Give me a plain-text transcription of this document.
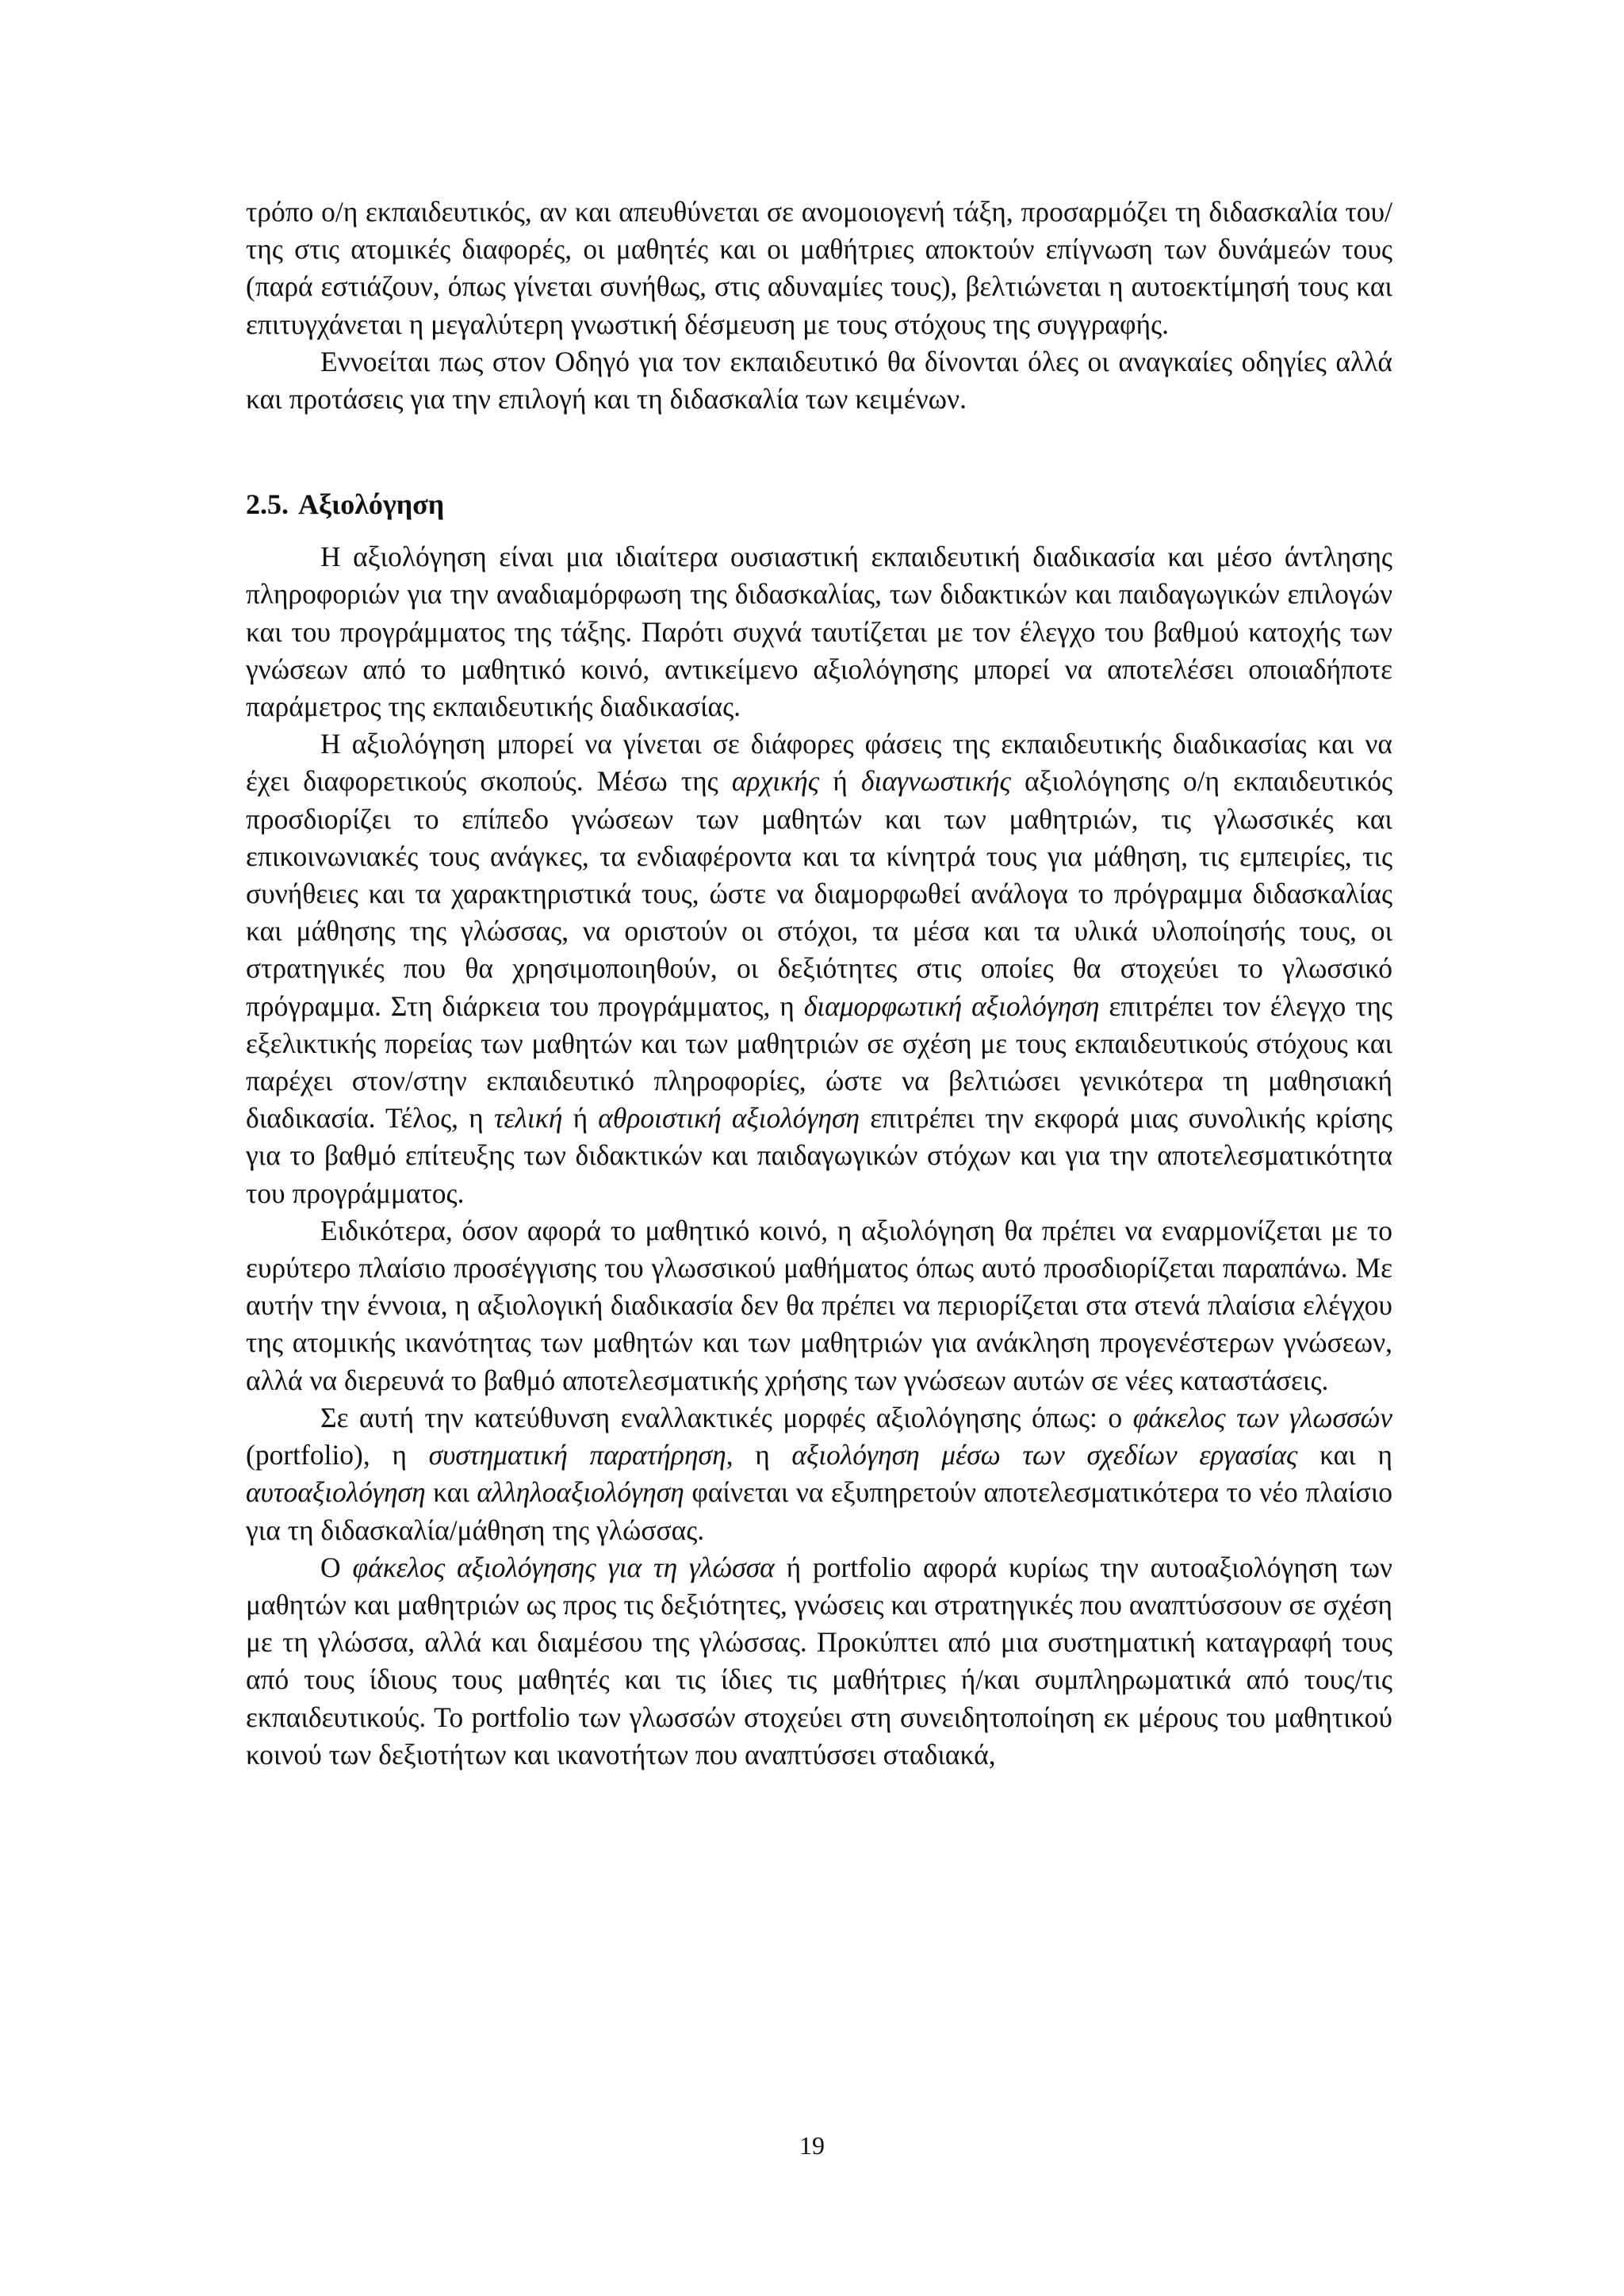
τρόπο ο/η εκπαιδευτικός, αν και απευθύνεται σε ανομοιογενή τάξη, προσαρμόζει τη διδασκαλία του/της στις ατομικές διαφορές, οι μαθητές και οι μαθήτριες αποκτούν επίγνωση των δυνάμεών τους (παρά εστιάζουν, όπως γίνεται συνήθως, στις αδυναμίες τους), βελτιώνεται η αυτοεκτίμησή τους και επιτυγχάνεται η μεγαλύτερη γνωστική δέσμευση με τους στόχους της συγγραφής.

Εννοείται πως στον Οδηγό για τον εκπαιδευτικό θα δίνονται όλες οι αναγκαίες οδηγίες αλλά και προτάσεις για την επιλογή και τη διδασκαλία των κειμένων.

2.5. Αξιολόγηση

Η αξιολόγηση είναι μια ιδιαίτερα ουσιαστική εκπαιδευτική διαδικασία και μέσο άντλησης πληροφοριών για την αναδιαμόρφωση της διδασκαλίας, των διδακτικών και παιδαγωγικών επιλογών και του προγράμματος της τάξης. Παρότι συχνά ταυτίζεται με τον έλεγχο του βαθμού κατοχής των γνώσεων από το μαθητικό κοινό, αντικείμενο αξιολόγησης μπορεί να αποτελέσει οποιαδήποτε παράμετρος της εκπαιδευτικής διαδικασίας.

Η αξιολόγηση μπορεί να γίνεται σε διάφορες φάσεις της εκπαιδευτικής διαδικασίας και να έχει διαφορετικούς σκοπούς. Μέσω της αρχικής ή διαγνωστικής αξιολόγησης ο/η εκπαιδευτικός προσδιορίζει το επίπεδο γνώσεων των μαθητών και των μαθητριών, τις γλωσσικές και επικοινωνιακές τους ανάγκες, τα ενδιαφέροντα και τα κίνητρά τους για μάθηση, τις εμπειρίες, τις συνήθειες και τα χαρακτηριστικά τους, ώστε να διαμορφωθεί ανάλογα το πρόγραμμα διδασκαλίας και μάθησης της γλώσσας, να οριστούν οι στόχοι, τα μέσα και τα υλικά υλοποίησής τους, οι στρατηγικές που θα χρησιμοποιηθούν, οι δεξιότητες στις οποίες θα στοχεύει το γλωσσικό πρόγραμμα. Στη διάρκεια του προγράμματος, η διαμορφωτική αξιολόγηση επιτρέπει τον έλεγχο της εξελικτικής πορείας των μαθητών και των μαθητριών σε σχέση με τους εκπαιδευτικούς στόχους και παρέχει στον/στην εκπαιδευτικό πληροφορίες, ώστε να βελτιώσει γενικότερα τη μαθησιακή διαδικασία. Τέλος, η τελική ή αθροιστική αξιολόγηση επιτρέπει την εκφορά μιας συνολικής κρίσης για το βαθμό επίτευξης των διδακτικών και παιδαγωγικών στόχων και για την αποτελεσματικότητα του προγράμματος.

Ειδικότερα, όσον αφορά το μαθητικό κοινό, η αξιολόγηση θα πρέπει να εναρμονίζεται με το ευρύτερο πλαίσιο προσέγγισης του γλωσσικού μαθήματος όπως αυτό προσδιορίζεται παραπάνω. Με αυτήν την έννοια, η αξιολογική διαδικασία δεν θα πρέπει να περιορίζεται στα στενά πλαίσια ελέγχου της ατομικής ικανότητας των μαθητών και των μαθητριών για ανάκληση προγενέστερων γνώσεων, αλλά να διερευνά το βαθμό αποτελεσματικής χρήσης των γνώσεων αυτών σε νέες καταστάσεις.

Σε αυτή την κατεύθυνση εναλλακτικές μορφές αξιολόγησης όπως: ο φάκελος των γλωσσών (portfolio), η συστηματική παρατήρηση, η αξιολόγηση μέσω των σχεδίων εργασίας και η αυτοαξιολόγηση και αλληλοαξιολόγηση φαίνεται να εξυπηρετούν αποτελεσματικότερα το νέο πλαίσιο για τη διδασκαλία/μάθηση της γλώσσας.

Ο φάκελος αξιολόγησης για τη γλώσσα ή portfolio αφορά κυρίως την αυτοαξιολόγηση των μαθητών και μαθητριών ως προς τις δεξιότητες, γνώσεις και στρατηγικές που αναπτύσσουν σε σχέση με τη γλώσσα, αλλά και διαμέσου της γλώσσας. Προκύπτει από μια συστηματική καταγραφή τους από τους ίδιους τους μαθητές και τις ίδιες τις μαθήτριες ή/και συμπληρωματικά από τους/τις εκπαιδευτικούς. Το portfolio των γλωσσών στοχεύει στη συνειδητοποίηση εκ μέρους του μαθητικού κοινού των δεξιοτήτων και ικανοτήτων που αναπτύσσει σταδιακά,

19
